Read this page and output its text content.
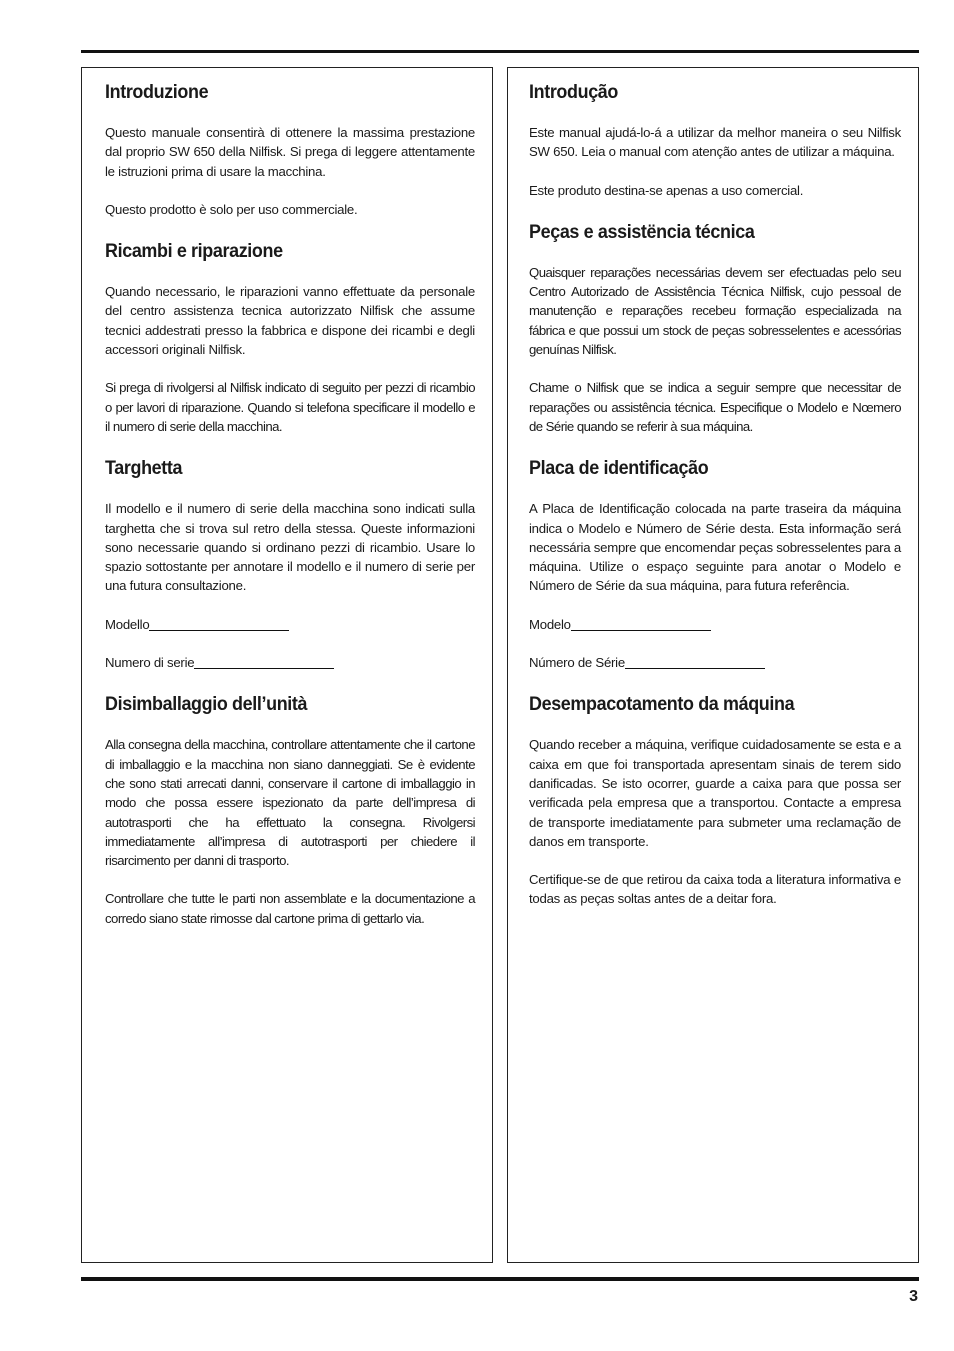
Introduzione

Questo manuale consentirà di ottenere la massima prestazione dal proprio SW 650 della Nilfisk. Si prega di leggere attentamente le istruzioni prima di usare la macchina.

Questo prodotto è solo per uso commerciale.

Ricambi e riparazione

Quando necessario, le riparazioni vanno effettuate da personale del centro assistenza tecnica autorizzato Nilfisk che assume tecnici addestrati presso la fabbrica e dispone dei ricambi e degli accessori originali Nilfisk.

Si prega di rivolgersi al Nilfisk indicato di seguito per pezzi di ricambio o per lavori di riparazione. Quando si telefona specificare il modello e il numero di serie della macchina.

Targhetta

Il modello e il numero di serie della macchina sono indicati sulla targhetta che si trova sul retro della stessa. Queste informazioni sono necessarie quando si ordinano pezzi di ricambio. Usare lo spazio sottostante per annotare il modello e il numero di serie per una futura consultazione.

Modello
Numero di serie
Disimballaggio dell’unità

Alla consegna della macchina, controllare attentamente che il cartone di imballaggio e la macchina non siano danneggiati. Se è evidente che sono stati arrecati danni, conservare il cartone di imballaggio in modo che possa essere ispezionato da parte dell’impresa di autotrasporti che ha effettuato la consegna. Rivolgersi immediatamente all’impresa di autotrasporti per chiedere il risarcimento per danni di trasporto.

Controllare che tutte le parti non assemblate e la documentazione a corredo siano state rimosse dal cartone prima di gettarlo via.

Introdução

Este manual ajudá-lo-á a utilizar da melhor maneira o seu Nilfisk SW 650. Leia o manual com atenção antes de utilizar a máquina.

Este produto destina-se apenas a uso comercial.

Peças e assistëncia técnica

Quaisquer reparações necessárias devem ser efectuadas pelo seu Centro Autorizado de Assistência Técnica Nilfisk, cujo pessoal de manutenção e reparações recebeu formação especializada na fábrica e que possui um stock de peças sobresselentes e acessórias genuínas Nilfisk.

Chame o Nilfisk que se indica a seguir sempre que necessitar de reparações ou assistência técnica. Especifique o Modelo e Nœmero de Série quando se referir à sua máquina.

Placa de identificação

A Placa de Identificação colocada na parte traseira da máquina indica o Modelo e Número de Série desta. Esta informação será necessária sempre que encomendar peças sobresselentes para a máquina. Utilize o espaço seguinte para anotar o Modelo e Número de Série da sua máquina, para futura referência.

Modelo
Número de Série
Desempacotamento da máquina

Quando receber a máquina, verifique cuidadosamente se esta e a caixa em que foi transportada apresentam sinais de terem sido danificadas. Se isto ocorrer, guarde a caixa para que possa ser verificada pela empresa que a transportou. Contacte a empresa de transporte imediatamente para submeter uma reclamação de danos em transporte.

Certifique-se de que retirou da caixa toda a literatura informativa e todas as peças soltas antes de a deitar fora.

3
